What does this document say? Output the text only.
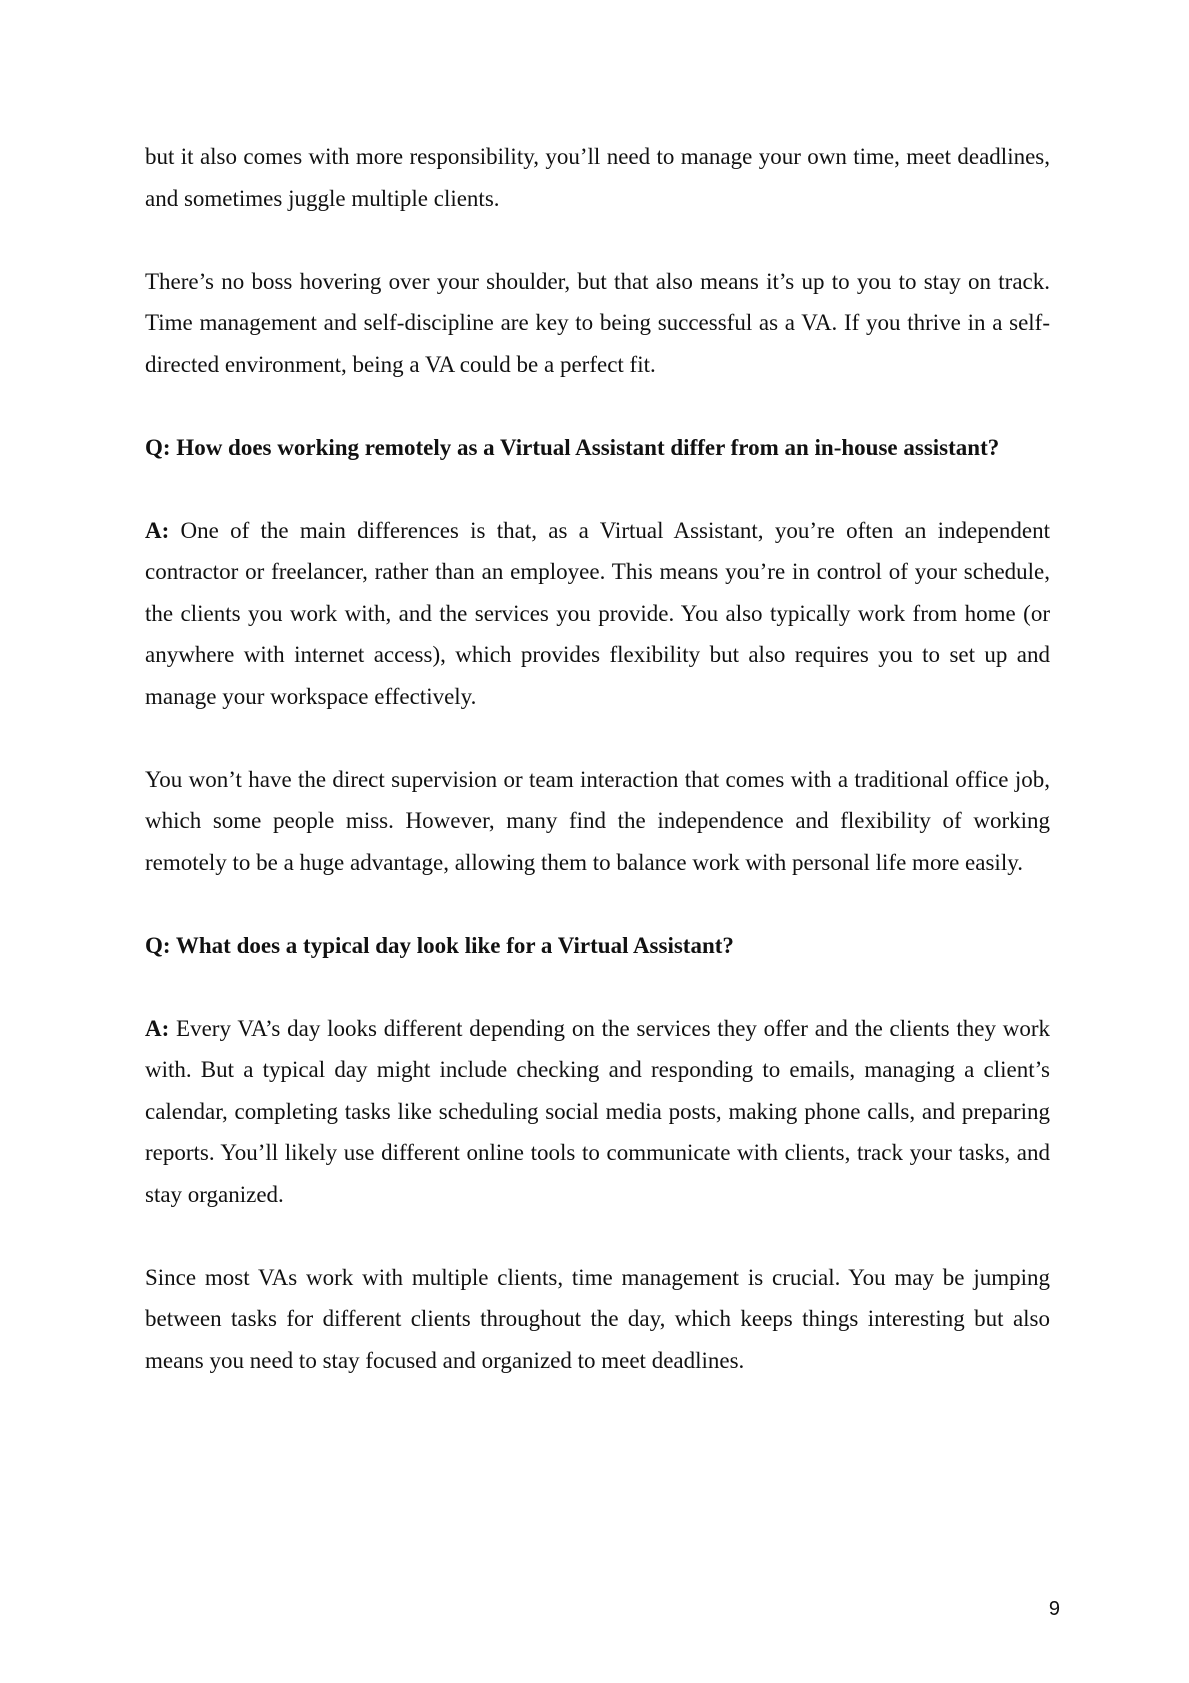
but it also comes with more responsibility, you’ll need to manage your own time, meet deadlines, and sometimes juggle multiple clients.

There’s no boss hovering over your shoulder, but that also means it’s up to you to stay on track. Time management and self-discipline are key to being successful as a VA. If you thrive in a self-directed environment, being a VA could be a perfect fit.

Q: How does working remotely as a Virtual Assistant differ from an in-house assistant?

A: One of the main differences is that, as a Virtual Assistant, you’re often an independent contractor or freelancer, rather than an employee. This means you’re in control of your schedule, the clients you work with, and the services you provide. You also typically work from home (or anywhere with internet access), which provides flexibility but also requires you to set up and manage your workspace effectively.

You won’t have the direct supervision or team interaction that comes with a traditional office job, which some people miss. However, many find the independence and flexibility of working remotely to be a huge advantage, allowing them to balance work with personal life more easily.

Q: What does a typical day look like for a Virtual Assistant?

A: Every VA’s day looks different depending on the services they offer and the clients they work with. But a typical day might include checking and responding to emails, managing a client’s calendar, completing tasks like scheduling social media posts, making phone calls, and preparing reports. You’ll likely use different online tools to communicate with clients, track your tasks, and stay organized.

Since most VAs work with multiple clients, time management is crucial. You may be jumping between tasks for different clients throughout the day, which keeps things interesting but also means you need to stay focused and organized to meet deadlines.

9
